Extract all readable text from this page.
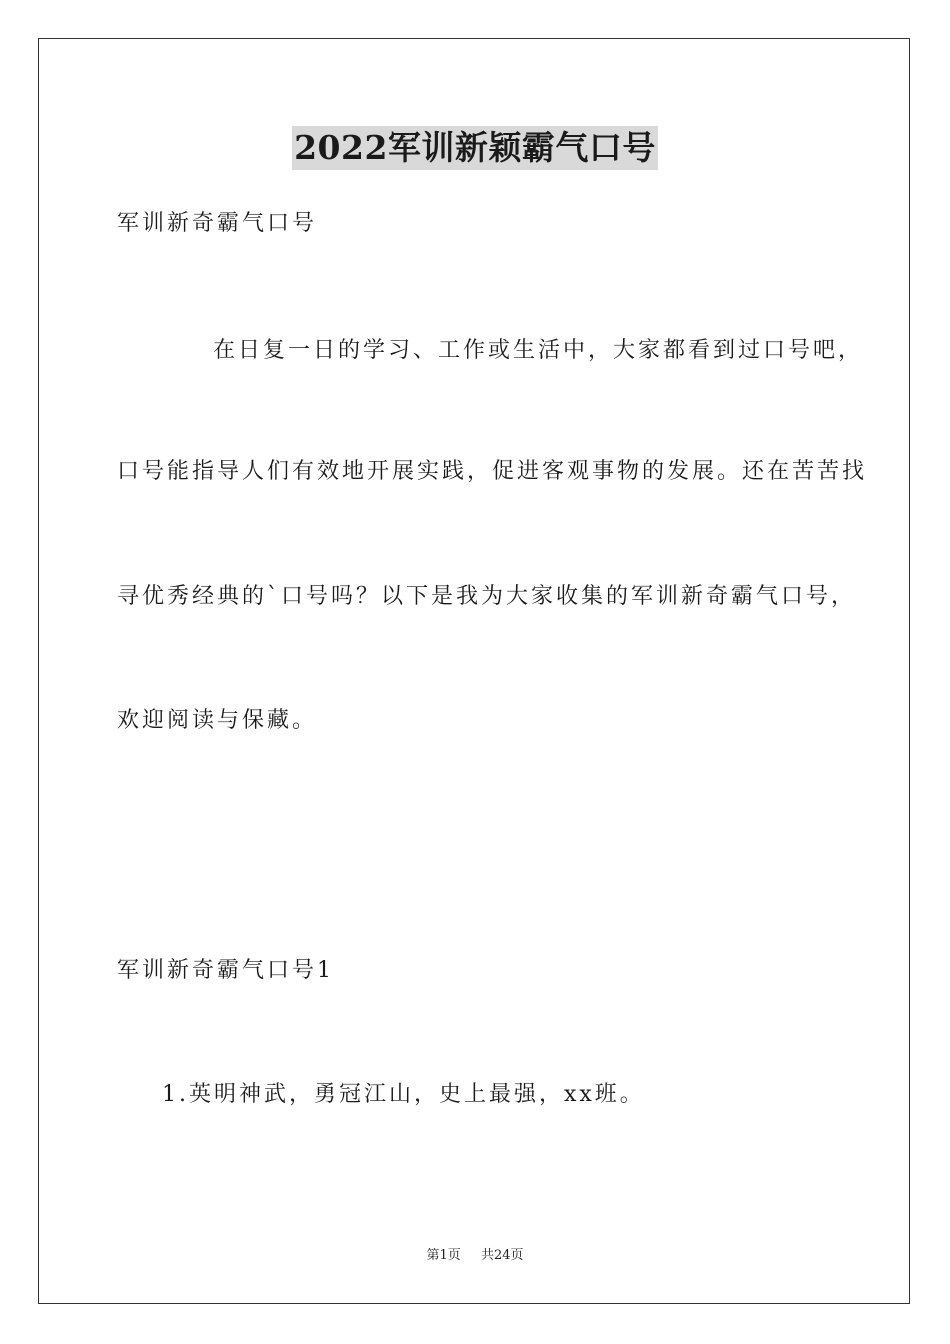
2022军训新颖霸气口号
军训新奇霸气口号
在日复一日的学习、工作或生活中，大家都看到过口号吧，
口号能指导人们有效地开展实践，促进客观事物的发展。还在苦苦找
寻优秀经典的`口号吗？以下是我为大家收集的军训新奇霸气口号，
欢迎阅读与保藏。
军训新奇霸气口号1
1.英明神武，勇冠江山，史上最强，xx班。
第1页 共24页
